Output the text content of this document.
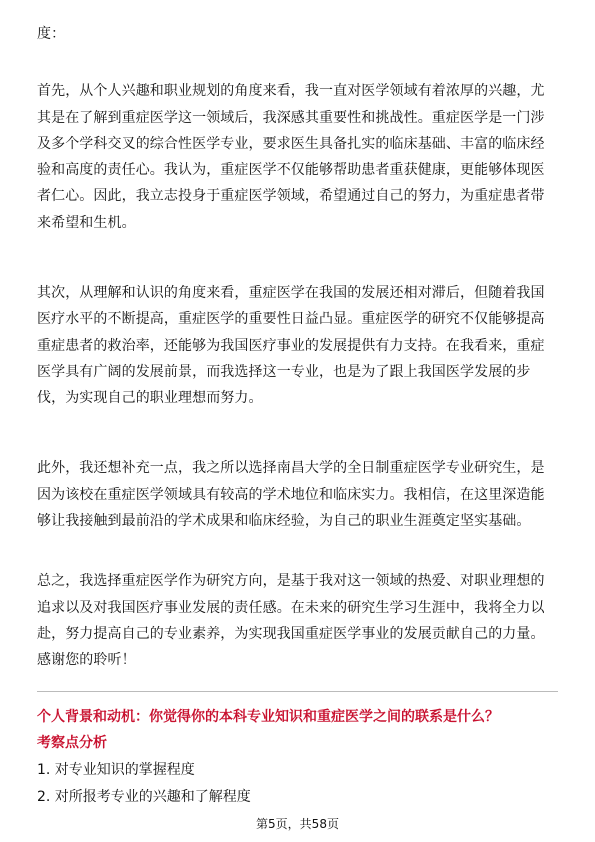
度：
首先，从个人兴趣和职业规划的角度来看，我一直对医学领域有着浓厚的兴趣，尤
其是在了解到重症医学这一领域后，我深感其重要性和挑战性。重症医学是一门涉
及多个学科交叉的综合性医学专业，要求医生具备扎实的临床基础、丰富的临床经
验和高度的责任心。我认为，重症医学不仅能够帮助患者重获健康，更能够体现医
者仁心。因此，我立志投身于重症医学领域，希望通过自己的努力，为重症患者带
来希望和生机。
其次，从理解和认识的角度来看，重症医学在我国的发展还相对滞后，但随着我国
医疗水平的不断提高，重症医学的重要性日益凸显。重症医学的研究不仅能够提高
重症患者的救治率，还能够为我国医疗事业的发展提供有力支持。在我看来，重症
医学具有广阔的发展前景，而我选择这一专业，也是为了跟上我国医学发展的步
伐，为实现自己的职业理想而努力。
此外，我还想补充一点，我之所以选择南昌大学的全日制重症医学专业研究生，是
因为该校在重症医学领域具有较高的学术地位和临床实力。我相信，在这里深造能
够让我接触到最前沿的学术成果和临床经验，为自己的职业生涯奠定坚实基础。
总之，我选择重症医学作为研究方向，是基于我对这一领域的热爱、对职业理想的
追求以及对我国医疗事业发展的责任感。在未来的研究生学习生涯中，我将全力以
赴，努力提高自己的专业素养，为实现我国重症医学事业的发展贡献自己的力量。
感谢您的聆听！
个人背景和动机：你觉得你的本科专业知识和重症医学之间的联系是什么？
考察点分析
1. 对专业知识的掌握程度
2. 对所报考专业的兴趣和了解程度
第5页，共58页
